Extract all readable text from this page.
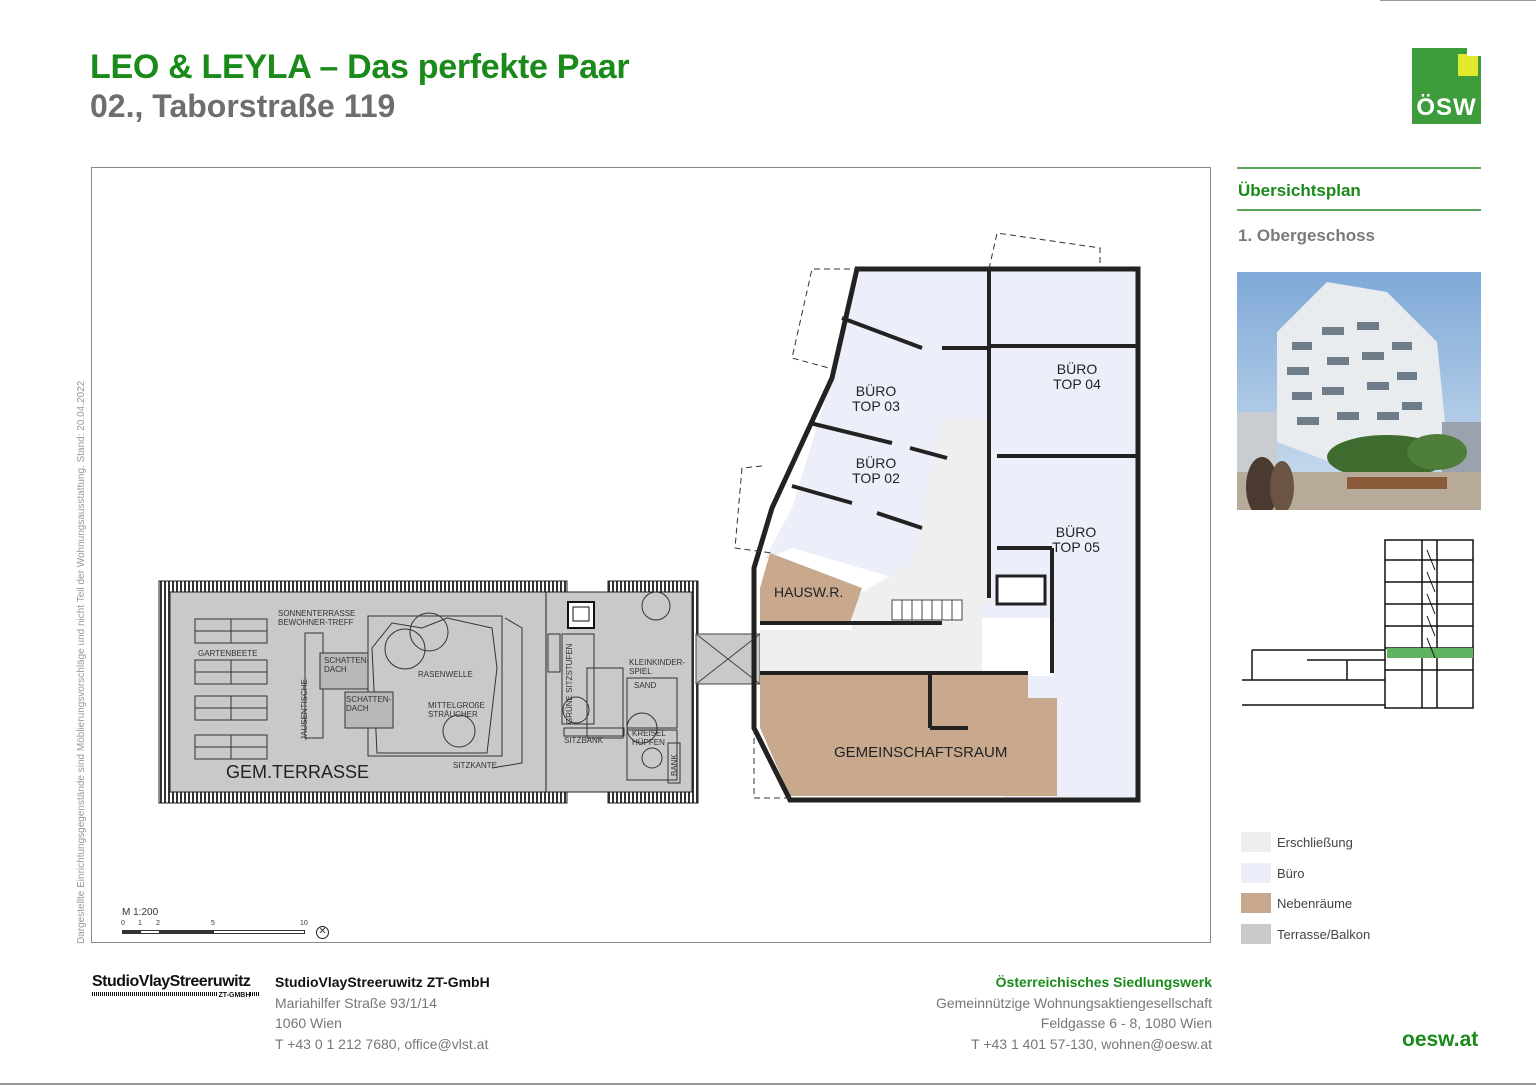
LEO & LEYLA – Das perfekte Paar
02., Taborstraße 119	ÖSW
Dargestellte Einrichtungsgegenstände sind Möblierungsvorschläge und nicht Teil der Wohnungsausstattung. Stand: 20.04.2022	BÜRO
TOP 03
BÜRO
TOP 04
BÜRO
TOP 02
BÜRO
TOP 05
HAUSW.R.
GEMEINSCHAFTSRAUM
GEM.TERRASSE
SONNENTERRASSE
BEWOHNER-TREFF
GARTENBEETE
SCHATTEN-
DACH
SCHATTEN-
DACH
RASENWELLE
JAUSENTISCHE	MITTELGROßE
STRÄUCHER
SITZKANTE
GRÜNE SITZSTUFEN
SITZBANK
KLEINKINDER-
SPIEL
SAND
KREISEL
HÜPFEN
BANK
M 1:200
0 1 2	5	10
✕
Übersichtsplan
1. Obergeschoss
Erschließung
Büro
Nebenräume
Terrasse/Balkon
StudioVlayStreeruwitz
ZT-GMBH
StudioVlayStreeruwitz ZT-GmbH
Mariahilfer Straße 93/1/14
1060 Wien
T +43 0 1 212 7680, office@vlst.at
Österreichisches Siedlungswerk
Gemeinnützige Wohnungsaktiengesellschaft
Feldgasse 6 - 8, 1080 Wien
T +43 1 401 57-130, wohnen@oesw.at	oesw.at
